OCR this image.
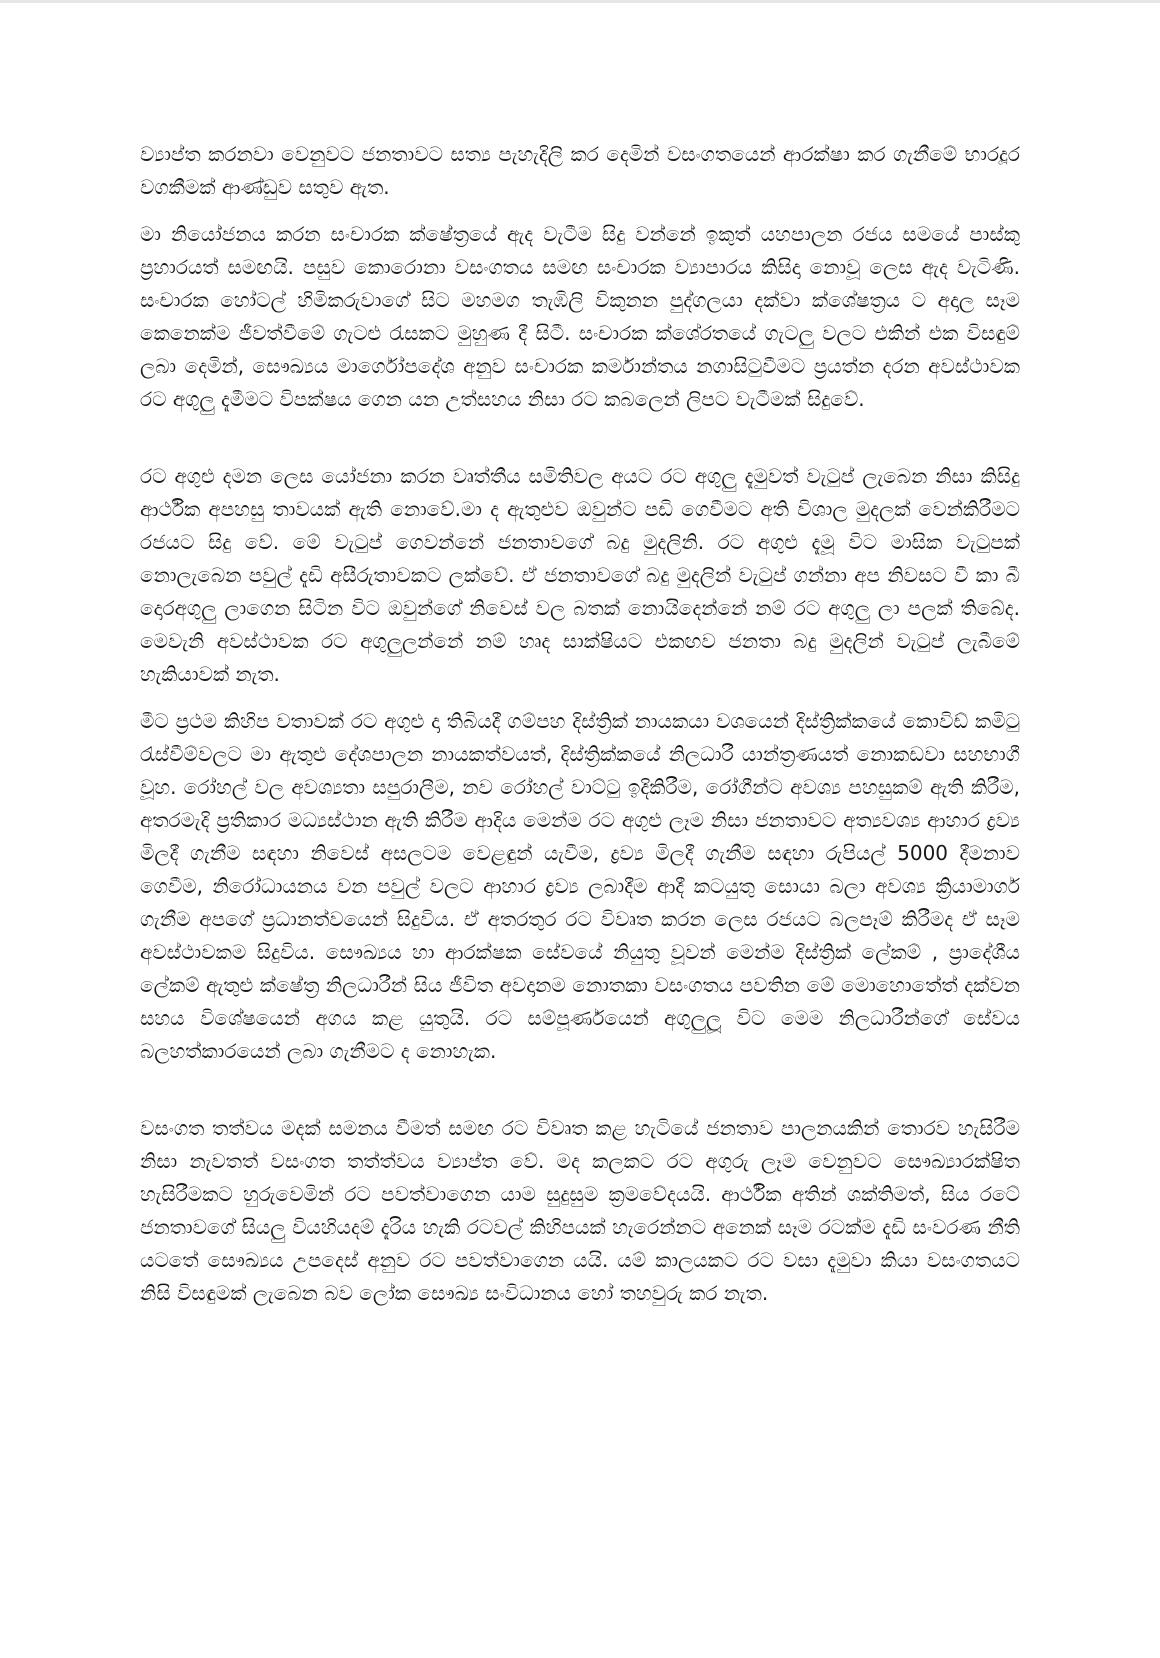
ව්‍යාප්ත කරනවා වෙනුවට ජනතාවට සත්‍ය පැහැදිලි කර දෙමින් වසංගතයෙන් ආරක්ෂා කර ගැනීමේ භාරදූර වගකීමක් ආණ්ඩුව සතුව ඇත.

මා නියෝජනය කරන සංචාරක ක්ෂේත්‍රයේ ඇද වැටීම සිදු වන්නේ ඉකුත් යහපාලන රජය සමයේ පාස්කු ප්‍රහාරයත් සමඟයි. පසුව කොරොනා වසංගතය සමඟ සංචාරක ව්‍යාපාරය කිසිදා නොවූ ලෙස ඇද වැටිණි. සංචාරක හෝටල් හිමිකරුවාගේ සිට මහමග තැඹිලි විකුනන පුද්ගලයා දක්වා ක්ශේ‍ෂත්‍රය ට අදාල සෑම කෙනෙක්ම ජීවත්වීමේ ගැටළු රැසකට මුහුණ දී සිටී. සංචාරක ක්ශේ‍රතයේ ගැටලු වලට එකින් එක විසඳුම් ලබා දෙමින්, සෞඛ්‍යය මාර්ගෝපදේශ අනුව සංචාරක කර්මාන්තය නගාසිටුවීමට ප්‍රයත්න දරන අවස්ථාවක රට අගුලු දැමීමට විපක්ෂය ගෙන යන උත්සහය නිසා රට කබලෙන් ලිපට වැටීමක් සිදුවේ.

රට අගුළු දමන ලෙස යෝජනා කරන වෘත්තීය සමිතිවල අයට රට අගුලු දැමුවත් වැටුප් ලැබෙන නිසා කිසිදු ආර්ථික අපහසු තාවයක් ඇති නොවේ.මා ද ඇතුළුව ඔවුන්ට පඩි ගෙවීමට අති විශාල මුදලක් වෙන්කිරීමට රජයට සිදු වේ. මේ වැටුප් ගෙවන්නේ ජනතාවගේ බදු මුදලිනි. රට අගුළු දැමූ විට මාසික වැටුපක් නොලැබෙන පවුල් දැඩි අසීරුතාවකට ලක්වේ. ඒ ජනතාවගේ බදු මුදලින් වැටුප් ගන්නා අප නිවසට වී කා බී දොරඅගුලු ලාගෙන සිටින විට ඔවුන්ගේ නිවෙස් වල බතක් නොයිදෙන්නේ නම් රට අගුලු ලා පලක් තිබේද. මෙවැනි අවස්ථාවක රට අගුලුලන්නේ නම් හෘද සාක්ෂියට එකඟව ජනතා බදු මුදලින් වැටුප් ලැබීමේ හැකියාවක් නැත.

මීට ප්‍රථම කිහිප වතාවක් රට අගුළු දා තිබියදී ගම්පහ දිස්ත්‍රික් නායකයා වශයෙන් දිස්ත්‍රික්කයේ කොවිඩ් කමිටු රැස්වීම්වලට මා ඇතුළු දේශපාලන නායකත්වයත්, දිස්ත්‍රික්කයේ නිලධාරී යාන්ත්‍රණයත් නොකඩවා සහභාගී වූහ. රෝහල් වල අවශ්‍යතා සපුරාලීම, නව රෝහල් වාට්ටු ඉදිකිරීම, රෝගීන්ට අවශ්‍ය පහසුකම් ඇති කිරීම, අතරමැදි ප්‍රතිකාර මධ්‍යස්ථාන ඇති කිරීම ආදිය මෙන්ම රට අගුළු ලෑම නිසා ජනතාවට අත්‍යවශ්‍ය ආහාර ද්‍රව්‍ය මිලදී ගැනීම සඳහා නිවෙස් අසලටම වෙළඳුන් යැවීම, ද්‍රව්‍ය මිලදී ගැනීම සඳහා රුපියල් 5000 දීමනාව ගෙවීම, නිරෝධායනය වන පවුල් වලට ආහාර ද්‍රව්‍ය ලබාදීම ආදී කටයුතු සොයා බලා අවශ්‍ය ක්‍රියාමාර්ග ගැනීම අපගේ ප්‍රධානත්වයෙන් සිදුවිය. ඒ අතරතුර රට විවෘත කරන ලෙස රජයට බලපෑම් කිරීමද ඒ සෑම අවස්ථාවකම සිදුවිය. සෞඛ්‍යය හා ආරක්ෂක සේවයේ නියුතු වූවන් මෙන්ම දිස්ත්‍රික් ලේකම් , ප්‍රාදේශීය ලේකම් ඇතුළු ක්ෂේත්‍ර නිලධාරීන් සිය ජීවිත අවදානම නොතකා වසංගතය පවතින මේ මොහොතේත් දක්වන සහය විශේෂයෙන් අගය කළ යුතුයි. රට සම්පූර්ණයෙන් අගුලුලූ විට මෙම නිලධාරීන්ගේ සේවය බලහත්කාරයෙන් ලබා ගැනීමට ද නොහැක.

වසංගත තත්වය මදක් සමනය වීමත් සමඟ රට විවෘත කළ හැටියේ ජනතාව පාලනයකින් තොරව හැසිරීම නිසා නැවතත් වසංගත තත්ත්වය ව්‍යාප්ත වේ. මද කලකට රට අගුරු ලෑම වෙනුවට සෞඛ්‍යාරක්ෂිත හැසිරීමකට හුරුවෙමින් රට පවත්වාගෙන යාම සුදුසුම ක්‍රමවේදයයි. ආර්ථික අතින් ශක්තිමත්, සිය රටේ ජනතාවගේ සියලු වියහියදම් දැරිය හැකි රටවල් කිහිපයක් හැරෙන්නට අනෙක් සෑම රටක්ම දැඩි සංවරණ නීති යටතේ සෞඛ්‍යය උපදෙස් අනුව රට පවත්වාගෙන යයි. යම් කාලයකට රට වසා දැමුවා කියා වසංගතයට නිසි විසඳුමක් ලැබෙන බව ලෝක සෞඛ්‍ය සංවිධානය හෝ තහවුරු කර නැත.
